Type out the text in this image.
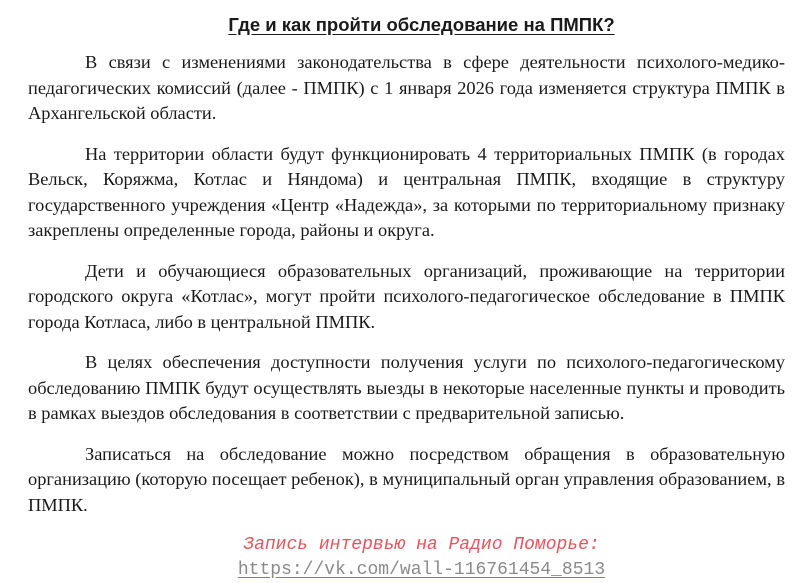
Где и как пройти обследование на ПМПК?

В связи с изменениями законодательства в сфере деятельности психолого-медико-педагогических комиссий (далее - ПМПК) с 1 января 2026 года изменяется структура ПМПК в Архангельской области.

На территории области будут функционировать 4 территориальных ПМПК (в городах Вельск, Коряжма, Котлас и Няндома) и центральная ПМПК, входящие в структуру государственного учреждения «Центр «Надежда», за которыми по территориальному признаку закреплены определенные города, районы и округа.

Дети и обучающиеся образовательных организаций, проживающие на территории городского округа «Котлас», могут пройти психолого-педагогическое обследование в ПМПК города Котласа, либо в центральной ПМПК.

В целях обеспечения доступности получения услуги по психолого-педагогическому обследованию ПМПК будут осуществлять выезды в некоторые населенные пункты и проводить в рамках выездов обследования в соответствии с предварительной записью.

Записаться на обследование можно посредством обращения в образовательную организацию (которую посещает ребенок), в муниципальный орган управления образованием, в ПМПК.

Запись интервью на Радио Поморье:
https://vk.com/wall-116761454_8513
